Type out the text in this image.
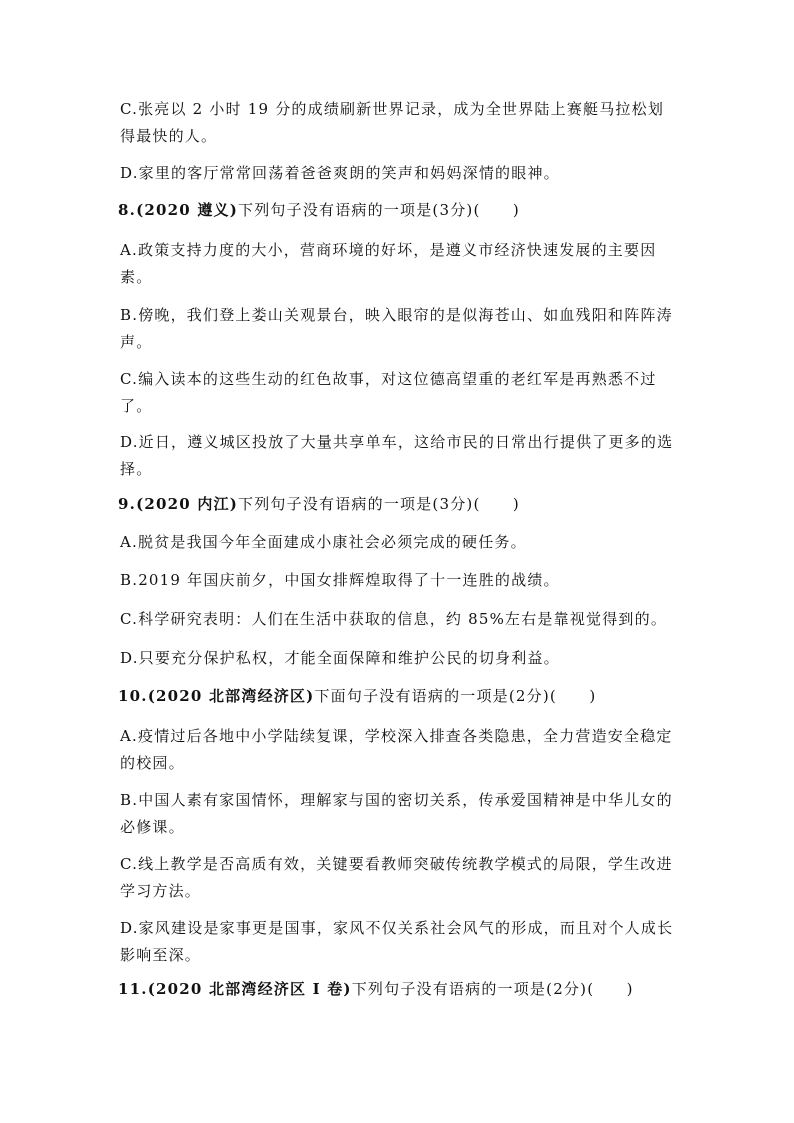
C.张亮以 2 小时 19 分的成绩刷新世界记录，成为全世界陆上赛艇马拉松划得最快的人。
D.家里的客厅常常回荡着爸爸爽朗的笑声和妈妈深情的眼神。
8.(2020 遵义)下列句子没有语病的一项是(3分)(　　)
A.政策支持力度的大小，营商环境的好坏，是遵义市经济快速发展的主要因素。
B.傍晚，我们登上娄山关观景台，映入眼帘的是似海苍山、如血残阳和阵阵涛声。
C.编入读本的这些生动的红色故事，对这位德高望重的老红军是再熟悉不过了。
D.近日，遵义城区投放了大量共享单车，这给市民的日常出行提供了更多的选择。
9.(2020 内江)下列句子没有语病的一项是(3分)(　　)
A.脱贫是我国今年全面建成小康社会必须完成的硬任务。
B.2019 年国庆前夕，中国女排辉煌取得了十一连胜的战绩。
C.科学研究表明：人们在生活中获取的信息，约 85%左右是靠视觉得到的。
D.只要充分保护私权，才能全面保障和维护公民的切身利益。
10.(2020 北部湾经济区)下面句子没有语病的一项是(2分)(　　)
A.疫情过后各地中小学陆续复课，学校深入排查各类隐患，全力营造安全稳定的校园。
B.中国人素有家国情怀，理解家与国的密切关系，传承爱国精神是中华儿女的必修课。
C.线上教学是否高质有效，关键要看教师突破传统教学模式的局限，学生改进学习方法。
D.家风建设是家事更是国事，家风不仅关系社会风气的形成，而且对个人成长影响至深。
11.(2020 北部湾经济区 I 卷)下列句子没有语病的一项是(2分)(　　)
